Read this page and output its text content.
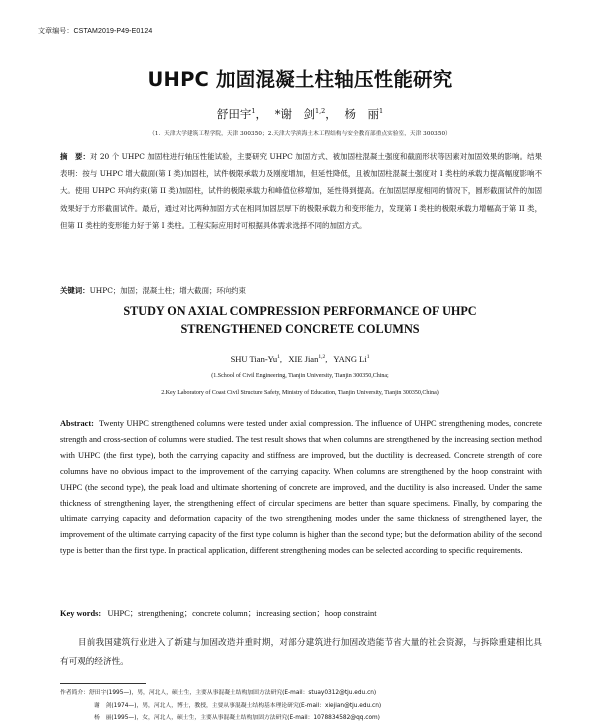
文章编号：CSTAM2019-P49-E0124
UHPC 加固混凝土柱轴压性能研究
舒田宇$^1$， *谢　剑$^{1,2}$， 杨　丽$^1$
（1．天津大学建筑工程学院，天津 300350；2.天津大学滨海土木工程结构与安全教育部重点实验室，天津 300350）
摘　要：对 20 个 UHPC 加固柱进行轴压性能试验，主要研究 UHPC 加固方式、被加固柱混凝土强度和截面形状等因素对加固效果的影响。结果表明：按与 UHPC 增大截面(第 I 类)加固柱，试件极限承载力及刚度增加，但延性降低，且被加固柱混凝土强度对 I 类柱的承载力提高幅度影响不大。使用 UHPC 环向约束(第 II 类)加固柱，试件的极限承载力和峰值位移增加，延性得到提高。在加固层厚度相同的情况下，圆形截面试件的加固效果好于方形截面试件。最后，通过对比两种加固方式在相同加固层厚下的极限承载力和变形能力，发现第 I 类柱的极限承载力增幅高于第 II 类，但第 II 类柱的变形能力好于第 I 类柱。工程实际应用时可根据具体需求选择不同的加固方式。
关键词：UHPC；加固；混凝土柱；增大截面；环向约束
STUDY ON AXIAL COMPRESSION PERFORMANCE OF UHPC
STRENGTHENED CONCRETE COLUMNS
SHU Tian-Yu$^1$,   XIE Jian$^{1,2}$,   YANG Li$^1$
(1.School of Civil Engineering, Tianjin University, Tianjin 300350,China;
2.Key Laboratory of Coast Civil Structure Safety, Ministry of Education, Tianjin University, Tianjin 300350,China)
Abstract: Twenty UHPC strengthened columns were tested under axial compression. The influence of UHPC strengthening modes, concrete strength and cross-section of columns were studied. The test result shows that when columns are strengthened by the increasing section method with UHPC (the first type), both the carrying capacity and stiffness are improved, but the ductility is decreased. Concrete strength of core columns have no obvious impact to the improvement of the carrying capacity. When columns are strengthened by the hoop constraint with UHPC (the second type), the peak load and ultimate shortening of concrete are improved, and the ductility is also increased. Under the same thickness of strengthening layer, the strengthening effect of circular specimens are better than square specimens. Finally, by comparing the ultimate carrying capacity and deformation capacity of the two strengthening modes under the same thickness of strengthened layer, the improvement of the ultimate carrying capacity of the first type column is higher than the second type; but the deformation ability of the second type is better than the first type. In practical application, different strengthening modes can be selected according to specific requirements.
Key words: UHPC；strengthening；concrete column；increasing section；hoop constraint
目前我国建筑行业进入了新建与加固改造并重时期，对部分建筑进行加固改造能节省大量的社会资源，与拆除重建相比具有可观的经济性。
作者简介：舒田宇(1995—)，男，河北人，硕士生，主要从事混凝土结构加固方法研究(E-mail：stuay0312@tju.edu.cn)
谢　剑(1974—)，男，河北人，博士，教授，主要从事混凝土结构基本理论研究(E-mail：xiejian@tju.edu.cn)
杨　丽(1995—)，女，河北人，硕士生，主要从事混凝土结构加固方法研究(E-mail：1078834582@qq.com)
